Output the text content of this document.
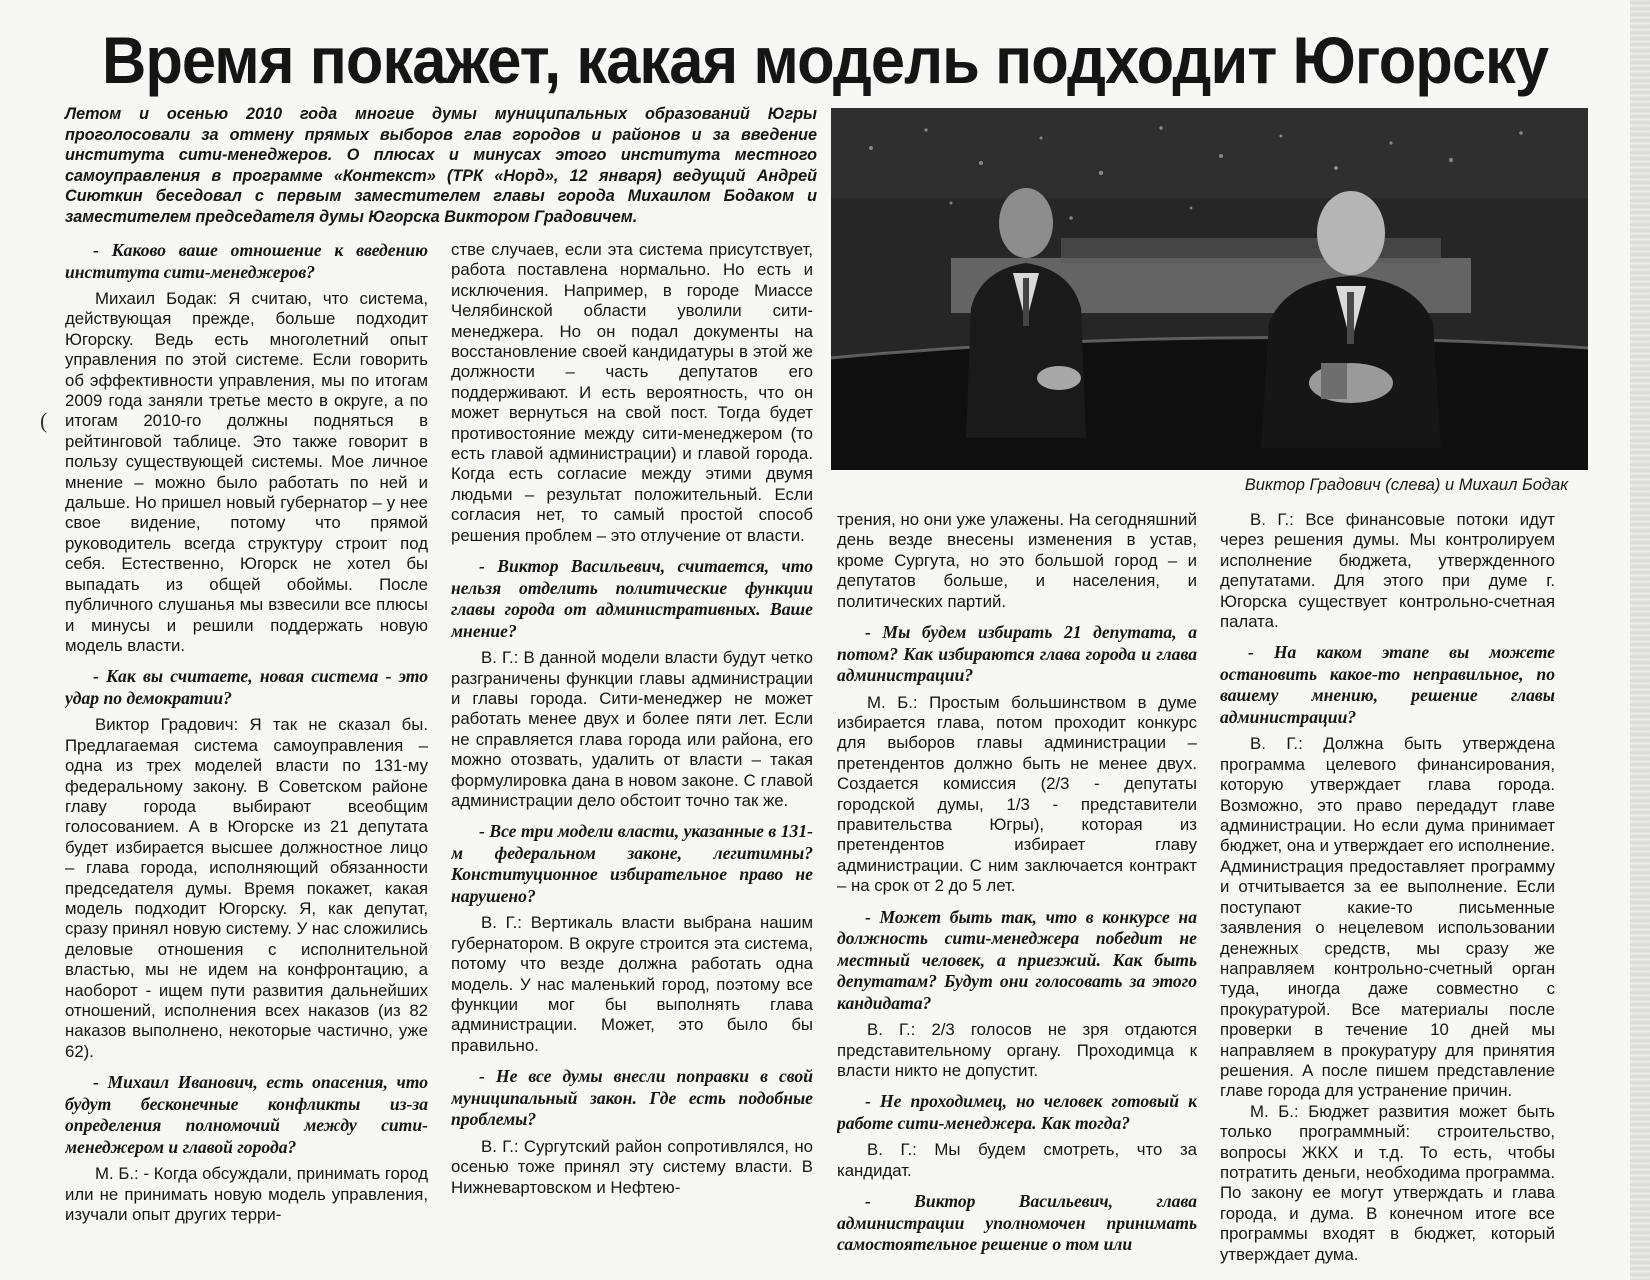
Время покажет, какая модель подходит Югорску

Летом и осенью 2010 года многие думы муниципальных образований Югры проголосовали за отмену прямых выборов глав городов и районов и за введение института сити-менеджеров. О плюсах и минусах этого института местного самоуправления в программе «Контекст» (ТРК «Норд», 12 января) ведущий Андрей Сиюткин беседовал с первым заместителем главы города Михаилом Бодаком и заместителем председателя думы Югорска Виктором Градовичем.

(
Виктор Градович (слева) и Михаил Бодак

- Каково ваше отношение к введению института сити-менеджеров?

Михаил Бодак: Я считаю, что система, действующая прежде, больше подходит Югорску. Ведь есть многолетний опыт управления по этой системе. Если говорить об эффективности управления, мы по итогам 2009 года заняли третье место в округе, а по итогам 2010-го должны подняться в рейтинговой таблице. Это также говорит в пользу существующей системы. Мое личное мнение – можно было работать по ней и дальше. Но пришел новый губернатор – у нее свое видение, потому что прямой руководитель всегда структуру строит под себя. Естественно, Югорск не хотел бы выпадать из общей обоймы. После публичного слушанья мы взвесили все плюсы и минусы и решили поддержать новую модель власти.

- Как вы считаете, новая система - это удар по демократии?

Виктор Градович: Я так не сказал бы. Предлагаемая система самоуправления –одна из трех моделей власти по 131-му федеральному закону. В Советском районе главу города выбирают всеобщим голосованием. А в Югорске из 21 депутата будет избирается высшее должностное лицо – глава города, исполняющий обязанности председателя думы. Время покажет, какая модель подходит Югорску. Я, как депутат, сразу принял новую систему. У нас сложились деловые отношения с исполнительной властью, мы не идем на конфронтацию, а наоборот - ищем пути развития дальнейших отношений, исполнения всех наказов (из 82 наказов выполнено, некоторые частично, уже 62).

- Михаил Иванович, есть опасения, что будут бесконечные конфликты из-за определения полномочий между сити-менеджером и главой города?

М. Б.: - Когда обсуждали, принимать город или не принимать новую модель управления, изучали опыт других терри-

стве случаев, если эта система присутствует, работа поставлена нормально. Но есть и исключения. Например, в городе Миассе Челябинской области уволили сити-менеджера. Но он подал документы на восстановление своей кандидатуры в этой же должности – часть депутатов его поддерживают. И есть вероятность, что он может вернуться на свой пост. Тогда будет противостояние между сити-менеджером (то есть главой администрации) и главой города. Когда есть согласие между этими двумя людьми – результат положительный. Если согласия нет, то самый простой способ решения проблем – это отлучение от власти.

- Виктор Васильевич, считается, что нельзя отделить политические функции главы города от административных. Ваше мнение?

В. Г.: В данной модели власти будут четко разграничены функции главы администрации и главы города. Сити-менеджер не может работать менее двух и более пяти лет. Если не справляется глава города или района, его можно отозвать, удалить от власти – такая формулировка дана в новом законе. С главой администрации дело обстоит точно так же.

- Все три модели власти, указанные в 131-м федеральном законе, легитимны? Конституционное избирательное право не нарушено?

В. Г.: Вертикаль власти выбрана нашим губернатором. В округе строится эта система, потому что везде должна работать одна модель. У нас маленький город, поэтому все функции мог бы выполнять глава администрации. Может, это было бы правильно.

- Не все думы внесли поправки в свой муниципальный закон. Где есть подобные проблемы?

В. Г.: Сургутский район сопротивлялся, но осенью тоже принял эту систему власти. В Нижневартовском и Нефтею-

трения, но они уже улажены. На сегодняшний день везде внесены изменения в устав, кроме Сургута, но это большой город – и депутатов больше, и населения, и политических партий.

- Мы будем избирать 21 депутата, а потом? Как избираются глава города и глава администрации?

М. Б.: Простым большинством в думе избирается глава, потом проходит конкурс для выборов главы администрации – претендентов должно быть не менее двух. Создается комиссия (2/3 - депутаты городской думы, 1/3 - представители правительства Югры), которая из претендентов избирает главу администрации. С ним заключается контракт – на срок от 2 до 5 лет.

- Может быть так, что в конкурсе на должность сити-менеджера победит не местный человек, а приезжий. Как быть депутатам? Будут они голосовать за этого кандидата?

В. Г.: 2/3 голосов не зря отдаются представительному органу. Проходимца к власти никто не допустит.

- Не проходимец, но человек готовый к работе сити-менеджера. Как тогда?

В. Г.: Мы будем смотреть, что за кандидат.

- Виктор Васильевич, глава администрации уполномочен принимать самостоятельное решение о том или

В. Г.: Все финансовые потоки идут через решения думы. Мы контролируем исполнение бюджета, утвержденного депутатами. Для этого при думе г. Югорска существует контрольно-счетная палата.

- На каком этапе вы можете остановить какое-то неправильное, по вашему мнению, решение главы администрации?

В. Г.: Должна быть утверждена программа целевого финансирования, которую утверждает глава города. Возможно, это право передадут главе администрации. Но если дума принимает бюджет, она и утверждает его исполнение. Администрация предоставляет программу и отчитывается за ее выполнение. Если поступают какие-то письменные заявления о нецелевом использовании денежных средств, мы сразу же направляем контрольно-счетный орган туда, иногда даже совместно с прокуратурой. Все материалы после проверки в течение 10 дней мы направляем в прокуратуру для принятия решения. А после пишем представление главе города для устранение причин.

М. Б.: Бюджет развития может быть только программный: строительство, вопросы ЖКХ и т.д. То есть, чтобы потратить деньги, необходима программа. По закону ее могут утверждать и глава города, и дума. В конечном итоге все программы входят в бюджет, который утверждает дума.
